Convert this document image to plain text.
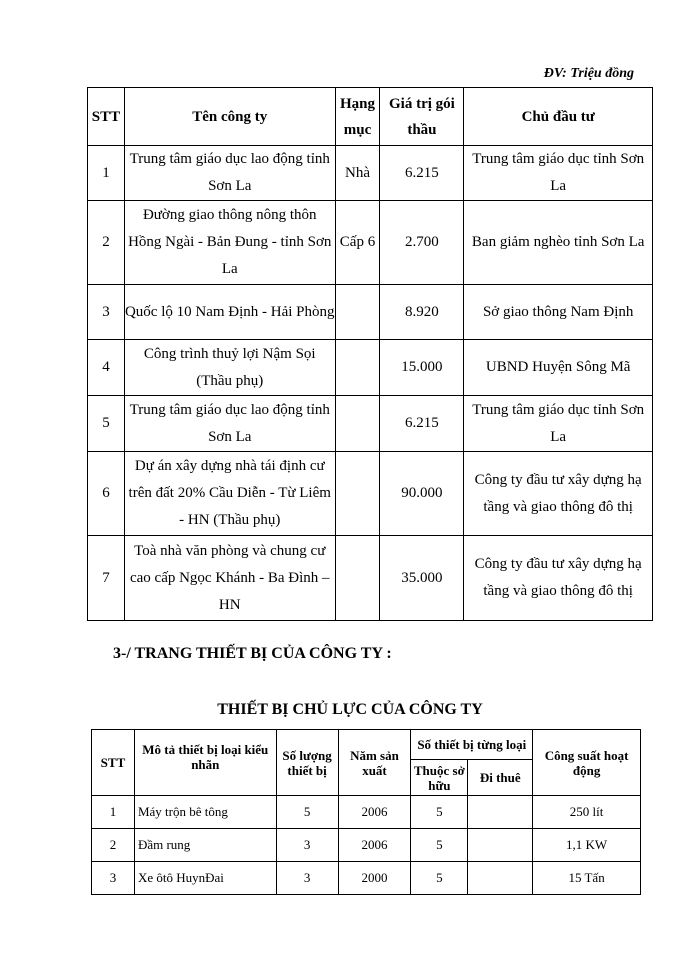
ĐV: Triệu đồng
STT	Tên công ty	Hạng mục	Giá trị gói thầu	Chủ đầu tư
1	Trung tâm giáo dục lao động tỉnh Sơn La	Nhà	6.215	Trung tâm giáo dục tỉnh Sơn La
2	Đường giao thông nông thôn Hồng Ngài - Bản Đung - tỉnh Sơn La	Cấp 6	2.700	Ban giảm nghèo tỉnh Sơn La
3	Quốc lộ 10 Nam Định - Hải Phòng		8.920	Sở giao thông Nam Định
4	Công trình thuỷ lợi Nậm Sọi (Thầu phụ)		15.000	UBND Huyện Sông Mã
5	Trung tâm giáo dục lao động tỉnh Sơn La		6.215	Trung tâm giáo dục tỉnh Sơn La
6	Dự án xây dựng nhà tái định cư trên đất 20% Cầu Diễn - Từ Liêm - HN (Thầu phụ)		90.000	Công ty đầu tư xây dựng hạ tầng và giao thông đô thị
7	Toà nhà văn phòng và chung cư cao cấp Ngọc Khánh - Ba Đình – HN		35.000	Công ty đầu tư xây dựng hạ tầng và giao thông đô thị
3-/ TRANG THIẾT BỊ CỦA CÔNG TY :
THIẾT BỊ CHỦ LỰC CỦA CÔNG TY
STT	Mô tả thiết bị loại kiểu nhãn	Số lượng thiết bị	Năm sản xuất	Số thiết bị từng loại		Công suất hoạt động
				Thuộc sở hữu	Đi thuê	
1	Máy trộn bê tông	5	2006	5		250 lít
2	Đầm rung	3	2006	5		1,1 KW
3	Xe ôtô HuynĐai	3	2000	5		15 Tấn
